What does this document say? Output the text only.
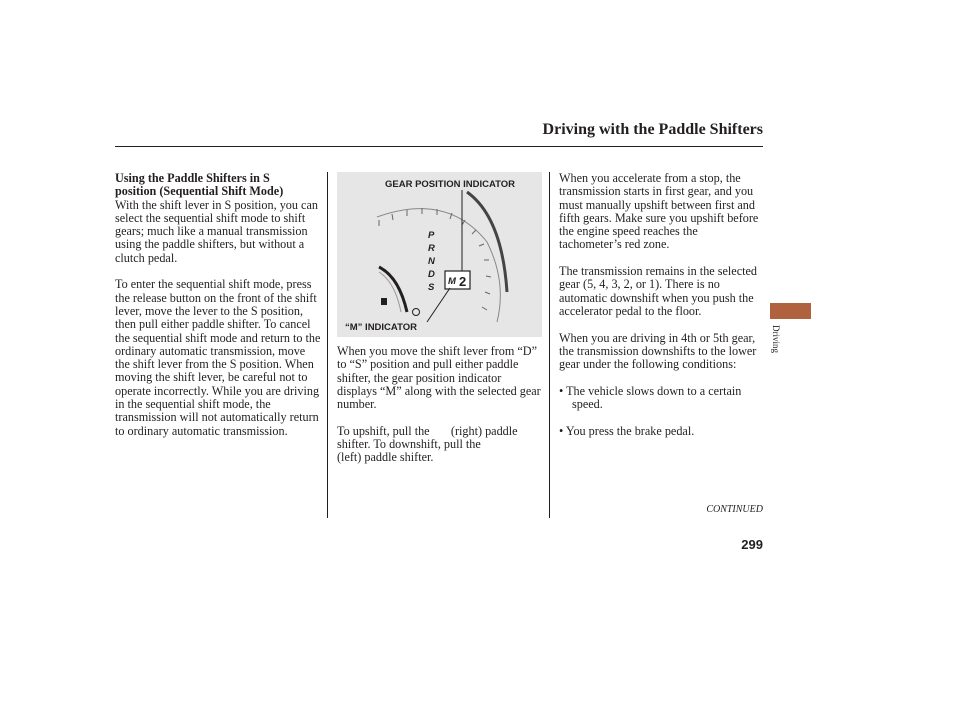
Driving with the Paddle Shifters
Using the Paddle Shifters in S
position (Sequential Shift Mode)

With the shift lever in S position, you can select the sequential shift mode to shift gears; much like a manual transmission using the paddle shifters, but without a clutch pedal.

To enter the sequential shift mode, press the release button on the front of the shift lever, move the lever to the S position, then pull either paddle shifter. To cancel the sequential shift mode and return to the ordinary automatic transmission, move the shift lever from the S position. When moving the shift lever, be careful not to operate incorrectly. While you are driving in the sequential shift mode, the transmission will not automatically return to ordinary automatic transmission.

P
R
N
D
S
M 2
GEAR POSITION INDICATOR
“M” INDICATOR

When you move the shift lever from “D” to “S” position and pull either paddle shifter, the gear position indicator displays “M” along with the selected gear number.

To upshift, pull the       (right) paddle
shifter. To downshift, pull the
(left) paddle shifter.

When you accelerate from a stop, the transmission starts in first gear, and you must manually upshift between first and fifth gears. Make sure you upshift before the engine speed reaches the tachometer’s red zone.

The transmission remains in the selected gear (5, 4, 3, 2, or 1). There is no automatic downshift when you push the accelerator pedal to the floor.

When you are driving in 4th or 5th gear, the transmission downshifts to the lower gear under the following conditions:

• The vehicle slows down to a certain speed.

• You press the brake pedal.

CONTINUED
299
Driving
